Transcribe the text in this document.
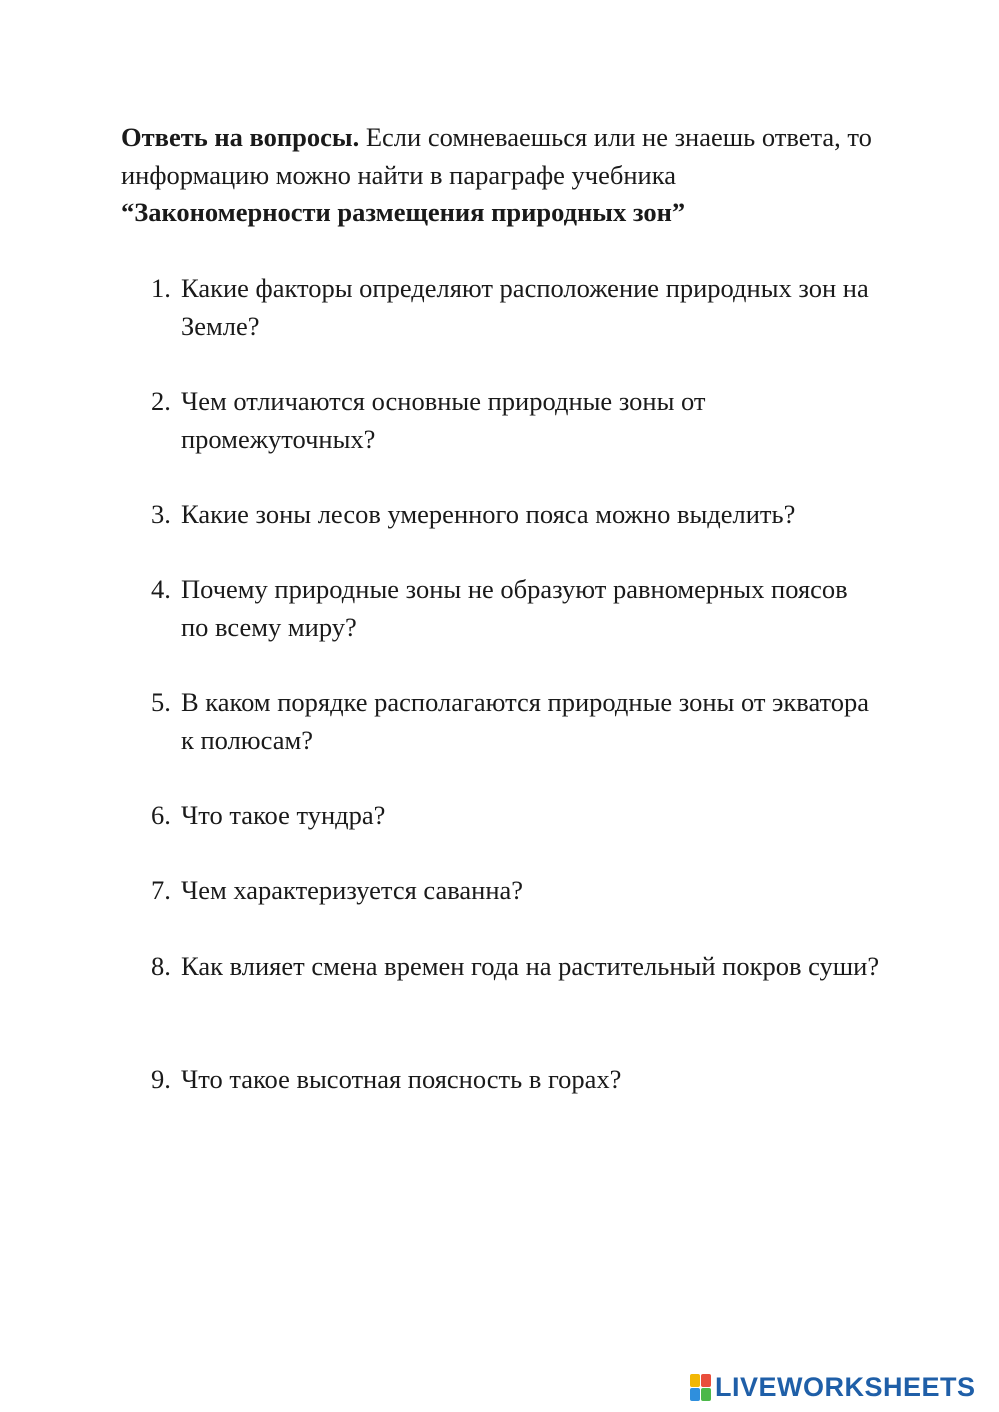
Ответь на вопросы. Если сомневаешься или не знаешь ответа, то информацию можно найти в параграфе учебника
“Закономерности размещения природных зон”
1. Какие факторы определяют расположение природных зон на Земле?
2. Чем отличаются основные природные зоны от промежуточных?
3. Какие зоны лесов умеренного пояса можно выделить?
4. Почему природные зоны не образуют равномерных поясов по всему миру?
5. В каком порядке располагаются природные зоны от экватора к полюсам?
6. Что такое тундра?
7. Чем характеризуется саванна?
8. Как влияет смена времен года на растительный покров суши?
9. Что такое высотная поясность в горах?
LIVEWORKSHEETS
